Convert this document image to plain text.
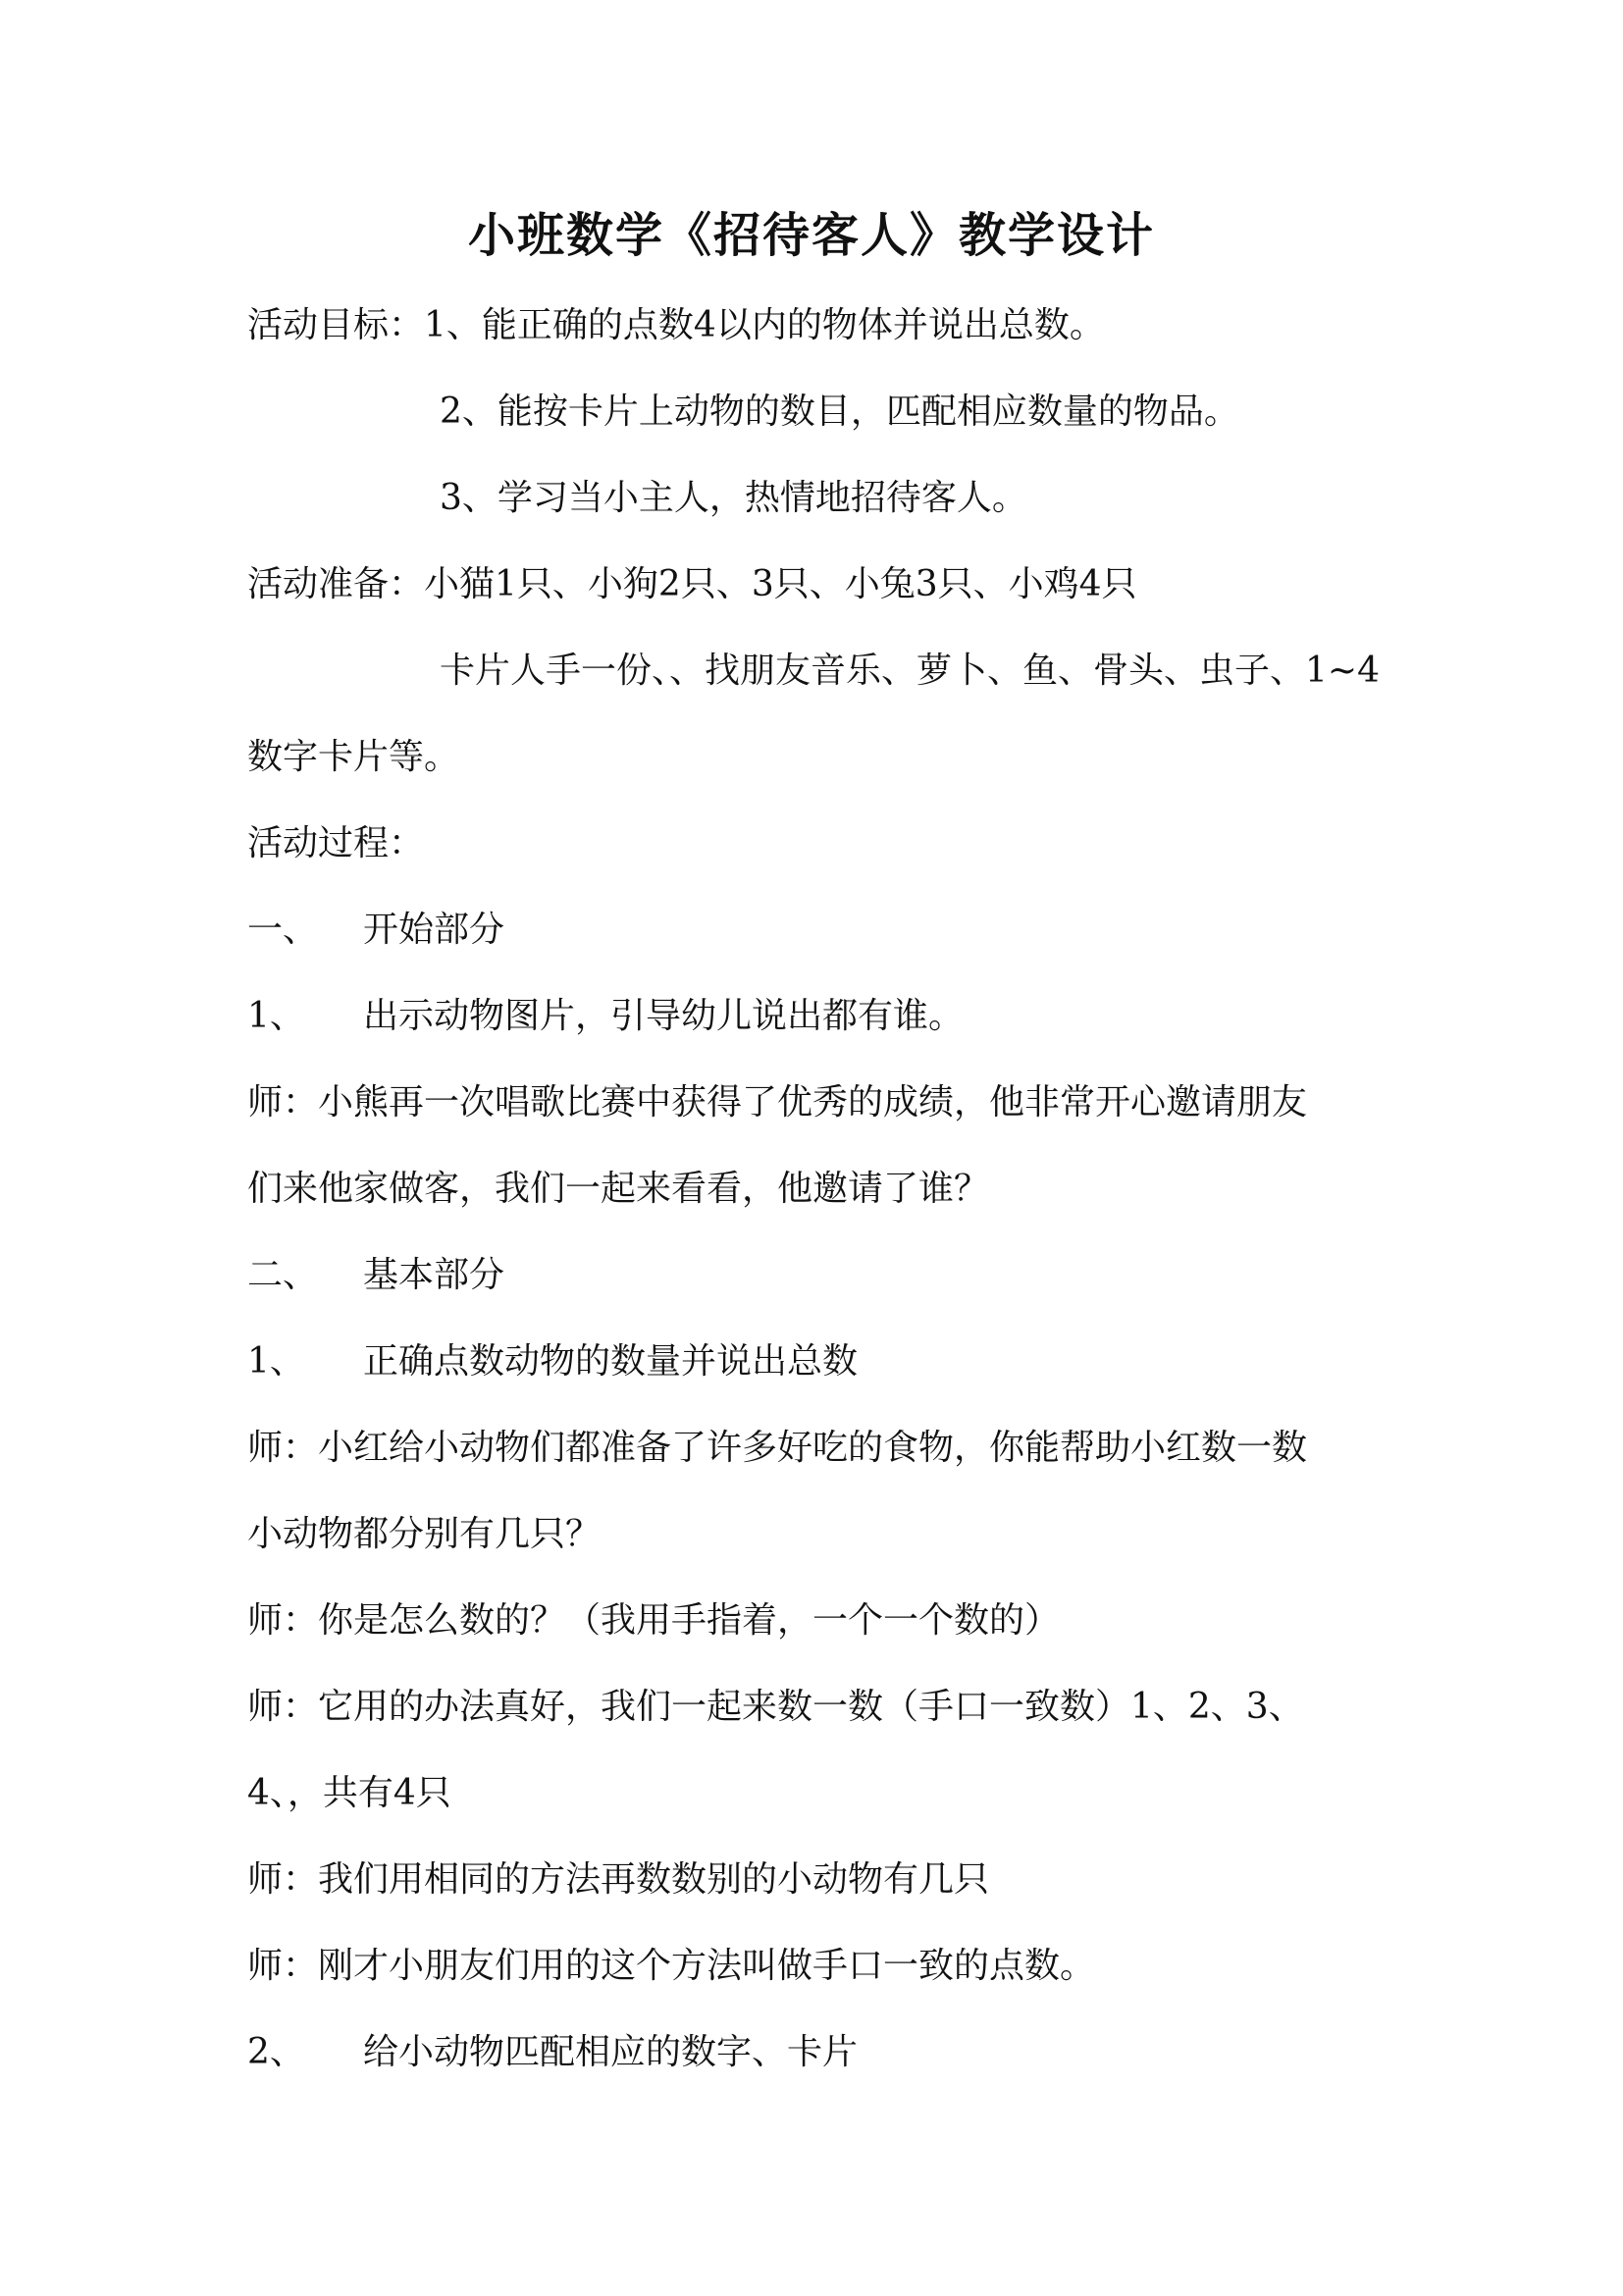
小班数学《招待客人》教学设计
活动目标：1、能正确的点数4以内的物体并说出总数。
2、能按卡片上动物的数目，匹配相应数量的物品。
3、学习当小主人，热情地招待客人。
活动准备：小猫1只、小狗2只、3只、小兔3只、小鸡4只
卡片人手一份、、找朋友音乐、萝卜、鱼、骨头、虫子、1~4
数字卡片等。
活动过程：
一、 开始部分
1、 出示动物图片，引导幼儿说出都有谁。
师：小熊再一次唱歌比赛中获得了优秀的成绩，他非常开心邀请朋友
们来他家做客，我们一起来看看，他邀请了谁？
二、 基本部分
1、 正确点数动物的数量并说出总数
师：小红给小动物们都准备了许多好吃的食物，你能帮助小红数一数
小动物都分别有几只？
师：你是怎么数的？（我用手指着，一个一个数的）
师：它用的办法真好，我们一起来数一数（手口一致数）1、2、3、
4、，共有4只
师：我们用相同的方法再数数别的小动物有几只
师：刚才小朋友们用的这个方法叫做手口一致的点数。
2、 给小动物匹配相应的数字、卡片
